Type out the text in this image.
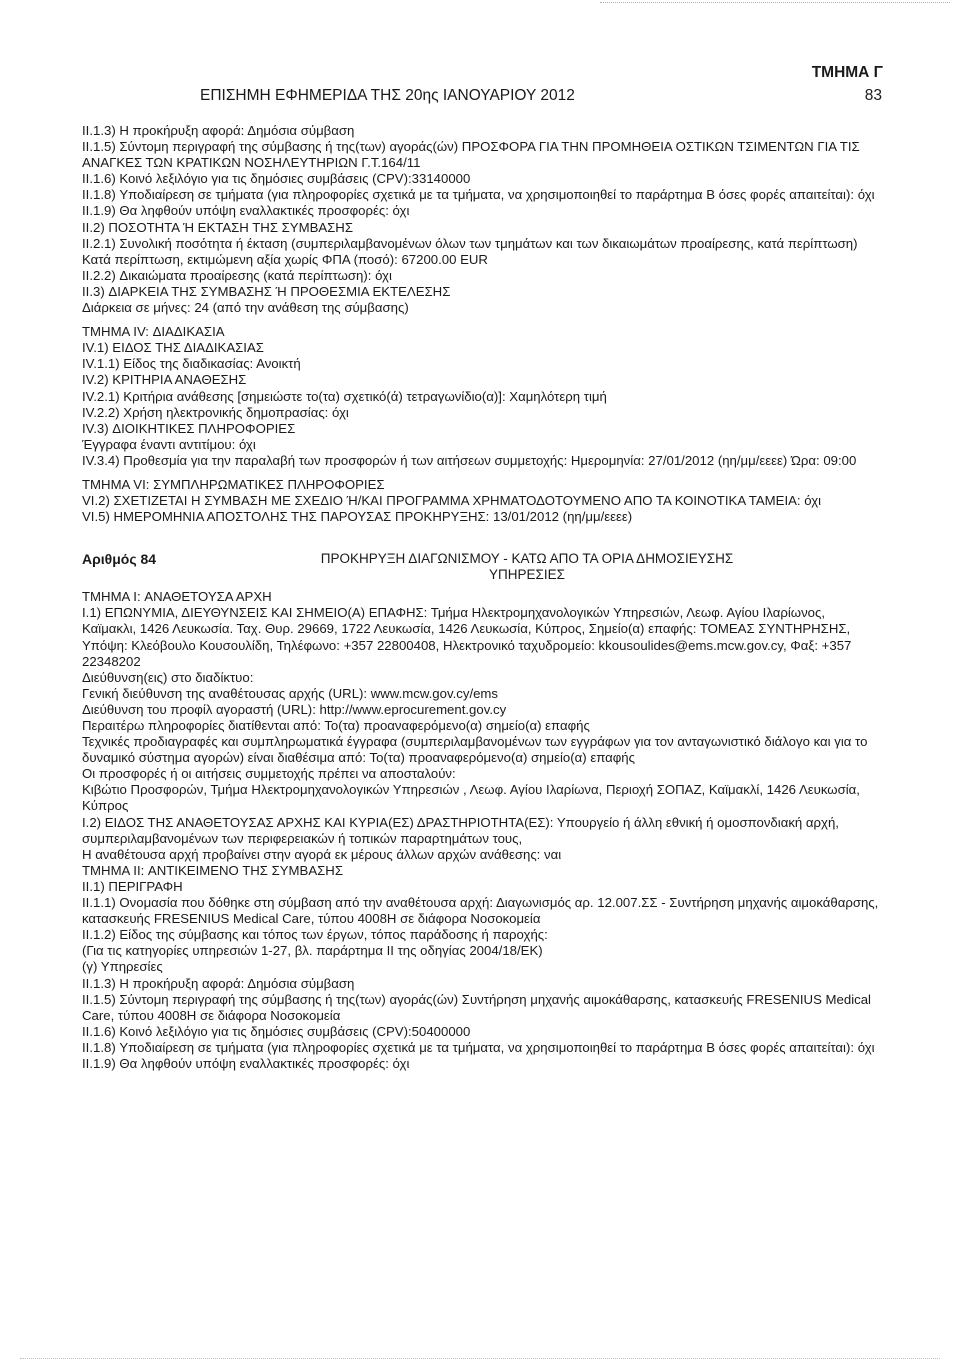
ΕΠΙΣΗΜΗ ΕΦΗΜΕΡΙΔΑ ΤΗΣ 20ης ΙΑΝΟΥΑΡΙΟΥ 2012
ΤΜΗΜΑ Γ
83

II.1.3) Η προκήρυξη αφορά: Δημόσια σύμβαση

II.1.5) Σύντομη περιγραφή της σύμβασης ή της(των) αγοράς(ών) ΠΡΟΣΦΟΡΑ ΓΙΑ ΤΗΝ ΠΡΟΜΗΘΕΙΑ ΟΣΤΙΚΩΝ ΤΣΙΜΕΝΤΩΝ ΓΙΑ ΤΙΣ ΑΝΑΓΚΕΣ ΤΩΝ ΚΡΑΤΙΚΩΝ ΝΟΣΗΛΕΥΤΗΡΙΩΝ Γ.Τ.164/11

II.1.6) Κοινό λεξιλόγιο για τις δημόσιες συμβάσεις (CPV):33140000

II.1.8) Υποδιαίρεση σε τμήματα (για πληροφορίες σχετικά με τα τμήματα, να χρησιμοποιηθεί το παράρτημα Β όσες φορές απαιτείται): όχι

II.1.9) Θα ληφθούν υπόψη εναλλακτικές προσφορές: όχι

II.2) ΠΟΣΟΤΗΤΑ Ή ΕΚΤΑΣΗ ΤΗΣ ΣΥΜΒΑΣΗΣ

II.2.1) Συνολική ποσότητα ή έκταση (συμπεριλαμβανομένων όλων των τμημάτων και των δικαιωμάτων προαίρεσης, κατά περίπτωση)

Κατά περίπτωση, εκτιμώμενη αξία χωρίς ΦΠΑ (ποσό): 67200.00 EUR

II.2.2) Δικαιώματα προαίρεσης (κατά περίπτωση): όχι

II.3) ΔΙΑΡΚΕΙΑ ΤΗΣ ΣΥΜΒΑΣΗΣ Ή ΠΡΟΘΕΣΜΙΑ ΕΚΤΕΛΕΣΗΣ

Διάρκεια σε μήνες: 24 (από την ανάθεση της σύμβασης)

ΤΜΗΜΑ IV: ΔΙΑΔΙΚΑΣΙΑ

IV.1) ΕΙΔΟΣ ΤΗΣ ΔΙΑΔΙΚΑΣΙΑΣ

IV.1.1) Είδος της διαδικασίας: Ανοικτή

IV.2) ΚΡΙΤΗΡΙΑ ΑΝΑΘΕΣΗΣ

IV.2.1) Κριτήρια ανάθεσης [σημειώστε το(τα) σχετικό(ά) τετραγωνίδιο(α)]: Χαμηλότερη τιμή

IV.2.2) Χρήση ηλεκτρονικής δημοπρασίας: όχι

IV.3) ΔΙΟΙΚΗΤΙΚΕΣ ΠΛΗΡΟΦΟΡΙΕΣ

Έγγραφα έναντι αντιτίμου: όχι

IV.3.4) Προθεσμία για την παραλαβή των προσφορών ή των αιτήσεων συμμετοχής: Ημερομηνία: 27/01/2012 (ηη/μμ/εεεε) Ώρα: 09:00

ΤΜΗΜΑ VI: ΣΥΜΠΛΗΡΩΜΑΤΙΚΕΣ ΠΛΗΡΟΦΟΡΙΕΣ

VI.2) ΣΧΕΤΙΖΕΤΑΙ Η ΣΥΜΒΑΣΗ ΜΕ ΣΧΕΔΙΟ Ή/ΚΑΙ ΠΡΟΓΡΑΜΜΑ ΧΡΗΜΑΤΟΔΟΤΟΥΜΕΝΟ ΑΠΟ ΤΑ ΚΟΙΝΟΤΙΚΑ ΤΑΜΕΙΑ: όχι

VI.5) ΗΜΕΡΟΜΗΝΙΑ ΑΠΟΣΤΟΛΗΣ ΤΗΣ ΠΑΡΟΥΣΑΣ ΠΡΟΚΗΡΥΞΗΣ: 13/01/2012 (ηη/μμ/εεεε)

Αριθμός 84	ΠΡΟΚΗΡΥΞΗ ΔΙΑΓΩΝΙΣΜΟΥ - ΚΑΤΩ ΑΠΟ ΤΑ ΟΡΙΑ ΔΗΜΟΣΙΕΥΣΗΣ
ΥΠΗΡΕΣΙΕΣ

ΤΜΗΜΑ I: ΑΝΑΘΕΤΟΥΣΑ ΑΡΧΗ

I.1) ΕΠΩΝΥΜΙΑ, ΔΙΕΥΘΥΝΣΕΙΣ ΚΑΙ ΣΗΜΕΙΟ(Α) ΕΠΑΦΗΣ: Τμήμα Ηλεκτρομηχανολογικών Υπηρεσιών, Λεωφ. Αγίου Ιλαρίωνος, Καϊμακλι, 1426 Λευκωσία. Ταχ. Θυρ. 29669, 1722 Λευκωσία, 1426 Λευκωσία, Κύπρος, Σημείο(α) επαφής: ΤΟΜΕΑΣ ΣΥΝΤΗΡΗΣΗΣ, Υπόψη: Κλεόβουλο Κουσουλίδη, Τηλέφωνο: +357 22800408, Ηλεκτρονικό ταχυδρομείο: kkousoulides@ems.mcw.gov.cy, Φαξ: +357 22348202

Διεύθυνση(εις) στο διαδίκτυο:

Γενική διεύθυνση της αναθέτουσας αρχής (URL): www.mcw.gov.cy/ems

Διεύθυνση του προφίλ αγοραστή (URL): http://www.eprocurement.gov.cy

Περαιτέρω πληροφορίες διατίθενται από: Το(τα) προαναφερόμενο(α) σημείο(α) επαφής

Τεχνικές προδιαγραφές και συμπληρωματικά έγγραφα (συμπεριλαμβανομένων των εγγράφων για τον ανταγωνιστικό διάλογο και για το δυναμικό σύστημα αγορών) είναι διαθέσιμα από: Το(τα) προαναφερόμενο(α) σημείο(α) επαφής

Οι προσφορές ή οι αιτήσεις συμμετοχής πρέπει να αποσταλούν:

Κιβώτιο Προσφορών, Τμήμα Ηλεκτρομηχανολογικών Υπηρεσιών , Λεωφ. Αγίου Ιλαρίωνα, Περιοχή ΣΟΠΑΖ, Καϊμακλί, 1426 Λευκωσία, Κύπρος

I.2) ΕΙΔΟΣ ΤΗΣ ΑΝΑΘΕΤΟΥΣΑΣ ΑΡΧΗΣ ΚΑΙ ΚΥΡΙΑ(ΕΣ) ΔΡΑΣΤΗΡΙΟΤΗΤΑ(ΕΣ): Υπουργείο ή άλλη εθνική ή ομοσπονδιακή αρχή, συμπεριλαμβανομένων των περιφερειακών ή τοπικών παραρτημάτων τους,

Η αναθέτουσα αρχή προβαίνει στην αγορά εκ μέρους άλλων αρχών ανάθεσης: ναι

ΤΜΗΜΑ II: ΑΝΤΙΚΕΙΜΕΝΟ ΤΗΣ ΣΥΜΒΑΣΗΣ

II.1) ΠΕΡΙΓΡΑΦΗ

II.1.1) Ονομασία που δόθηκε στη σύμβαση από την αναθέτουσα αρχή: Διαγωνισμός αρ. 12.007.ΣΣ - Συντήρηση μηχανής αιμοκάθαρσης, κατασκευής FRESENIUS Medical Care, τύπου 4008H σε διάφορα Νοσοκομεία

II.1.2) Είδος της σύμβασης και τόπος των έργων, τόπος παράδοσης ή παροχής:

(Για τις κατηγορίες υπηρεσιών 1-27, βλ. παράρτημα II της οδηγίας 2004/18/ΕΚ)

(γ) Υπηρεσίες

II.1.3) Η προκήρυξη αφορά: Δημόσια σύμβαση

II.1.5) Σύντομη περιγραφή της σύμβασης ή της(των) αγοράς(ών) Συντήρηση μηχανής αιμοκάθαρσης, κατασκευής FRESENIUS Medical Care, τύπου 4008H σε διάφορα Νοσοκομεία

II.1.6) Κοινό λεξιλόγιο για τις δημόσιες συμβάσεις (CPV):50400000

II.1.8) Υποδιαίρεση σε τμήματα (για πληροφορίες σχετικά με τα τμήματα, να χρησιμοποιηθεί το παράρτημα Β όσες φορές απαιτείται): όχι

II.1.9) Θα ληφθούν υπόψη εναλλακτικές προσφορές: όχι
